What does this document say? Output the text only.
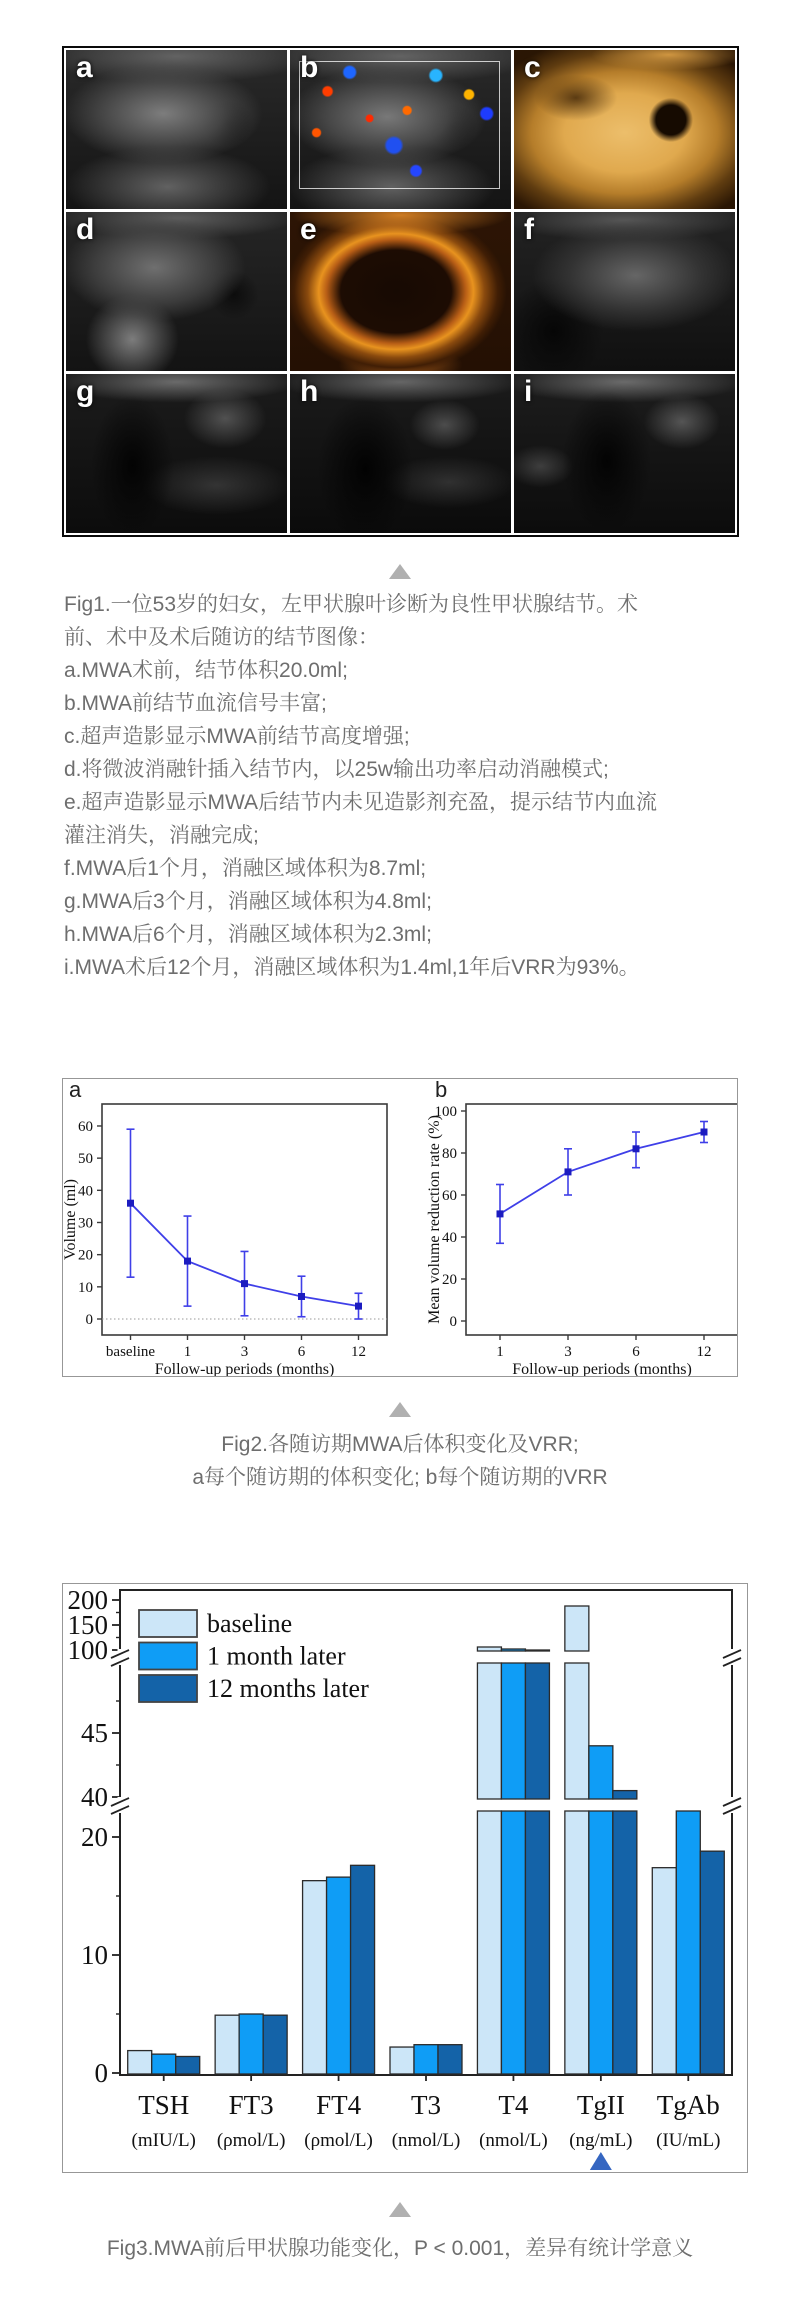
a	b	c
d	e	f
g	h	i
Fig1.一位53岁的妇女，左甲状腺叶诊断为良性甲状腺结节。术
前、术中及术后随访的结节图像：
a.MWA术前，结节体积20.0ml;
b.MWA前结节血流信号丰富;
c.超声造影显示MWA前结节高度增强;
d.将微波消融针插入结节内，以25w输出功率启动消融模式;
e.超声造影显示MWA后结节内未见造影剂充盈，提示结节内血流
灌注消失，消融完成;
f.MWA后1个月，消融区域体积为8.7ml;
g.MWA后3个月，消融区域体积为4.8ml;
h.MWA后6个月，消融区域体积为2.3ml;
i.MWA术后12个月，消融区域体积为1.4ml,1年后VRR为93%。
a
0
10
20
30
40
50
60
Volume (ml)
baseline 1	3	6	12
Follow-up periods (months)
b
0
20
40
60
80
100
Mean volume reduction rate (%)
1	3	6	12
Follow-up periods (months)
Fig2.各随访期MWA后体积变化及VRR;
a每个随访期的体积变化; b每个随访期的VRR
0
10
20
40
45
100
150
200
TSH
(mIU/L)
FT3
(ρmol/L)
FT4
(ρmol/L)
T3
(nmol/L)
T4
(nmol/L)
TgII
(ng/mL)
TgAb
(IU/mL)
baseline
1 month later
12 months later
Fig3.MWA前后甲状腺功能变化，P < 0.001，差异有统计学意义
